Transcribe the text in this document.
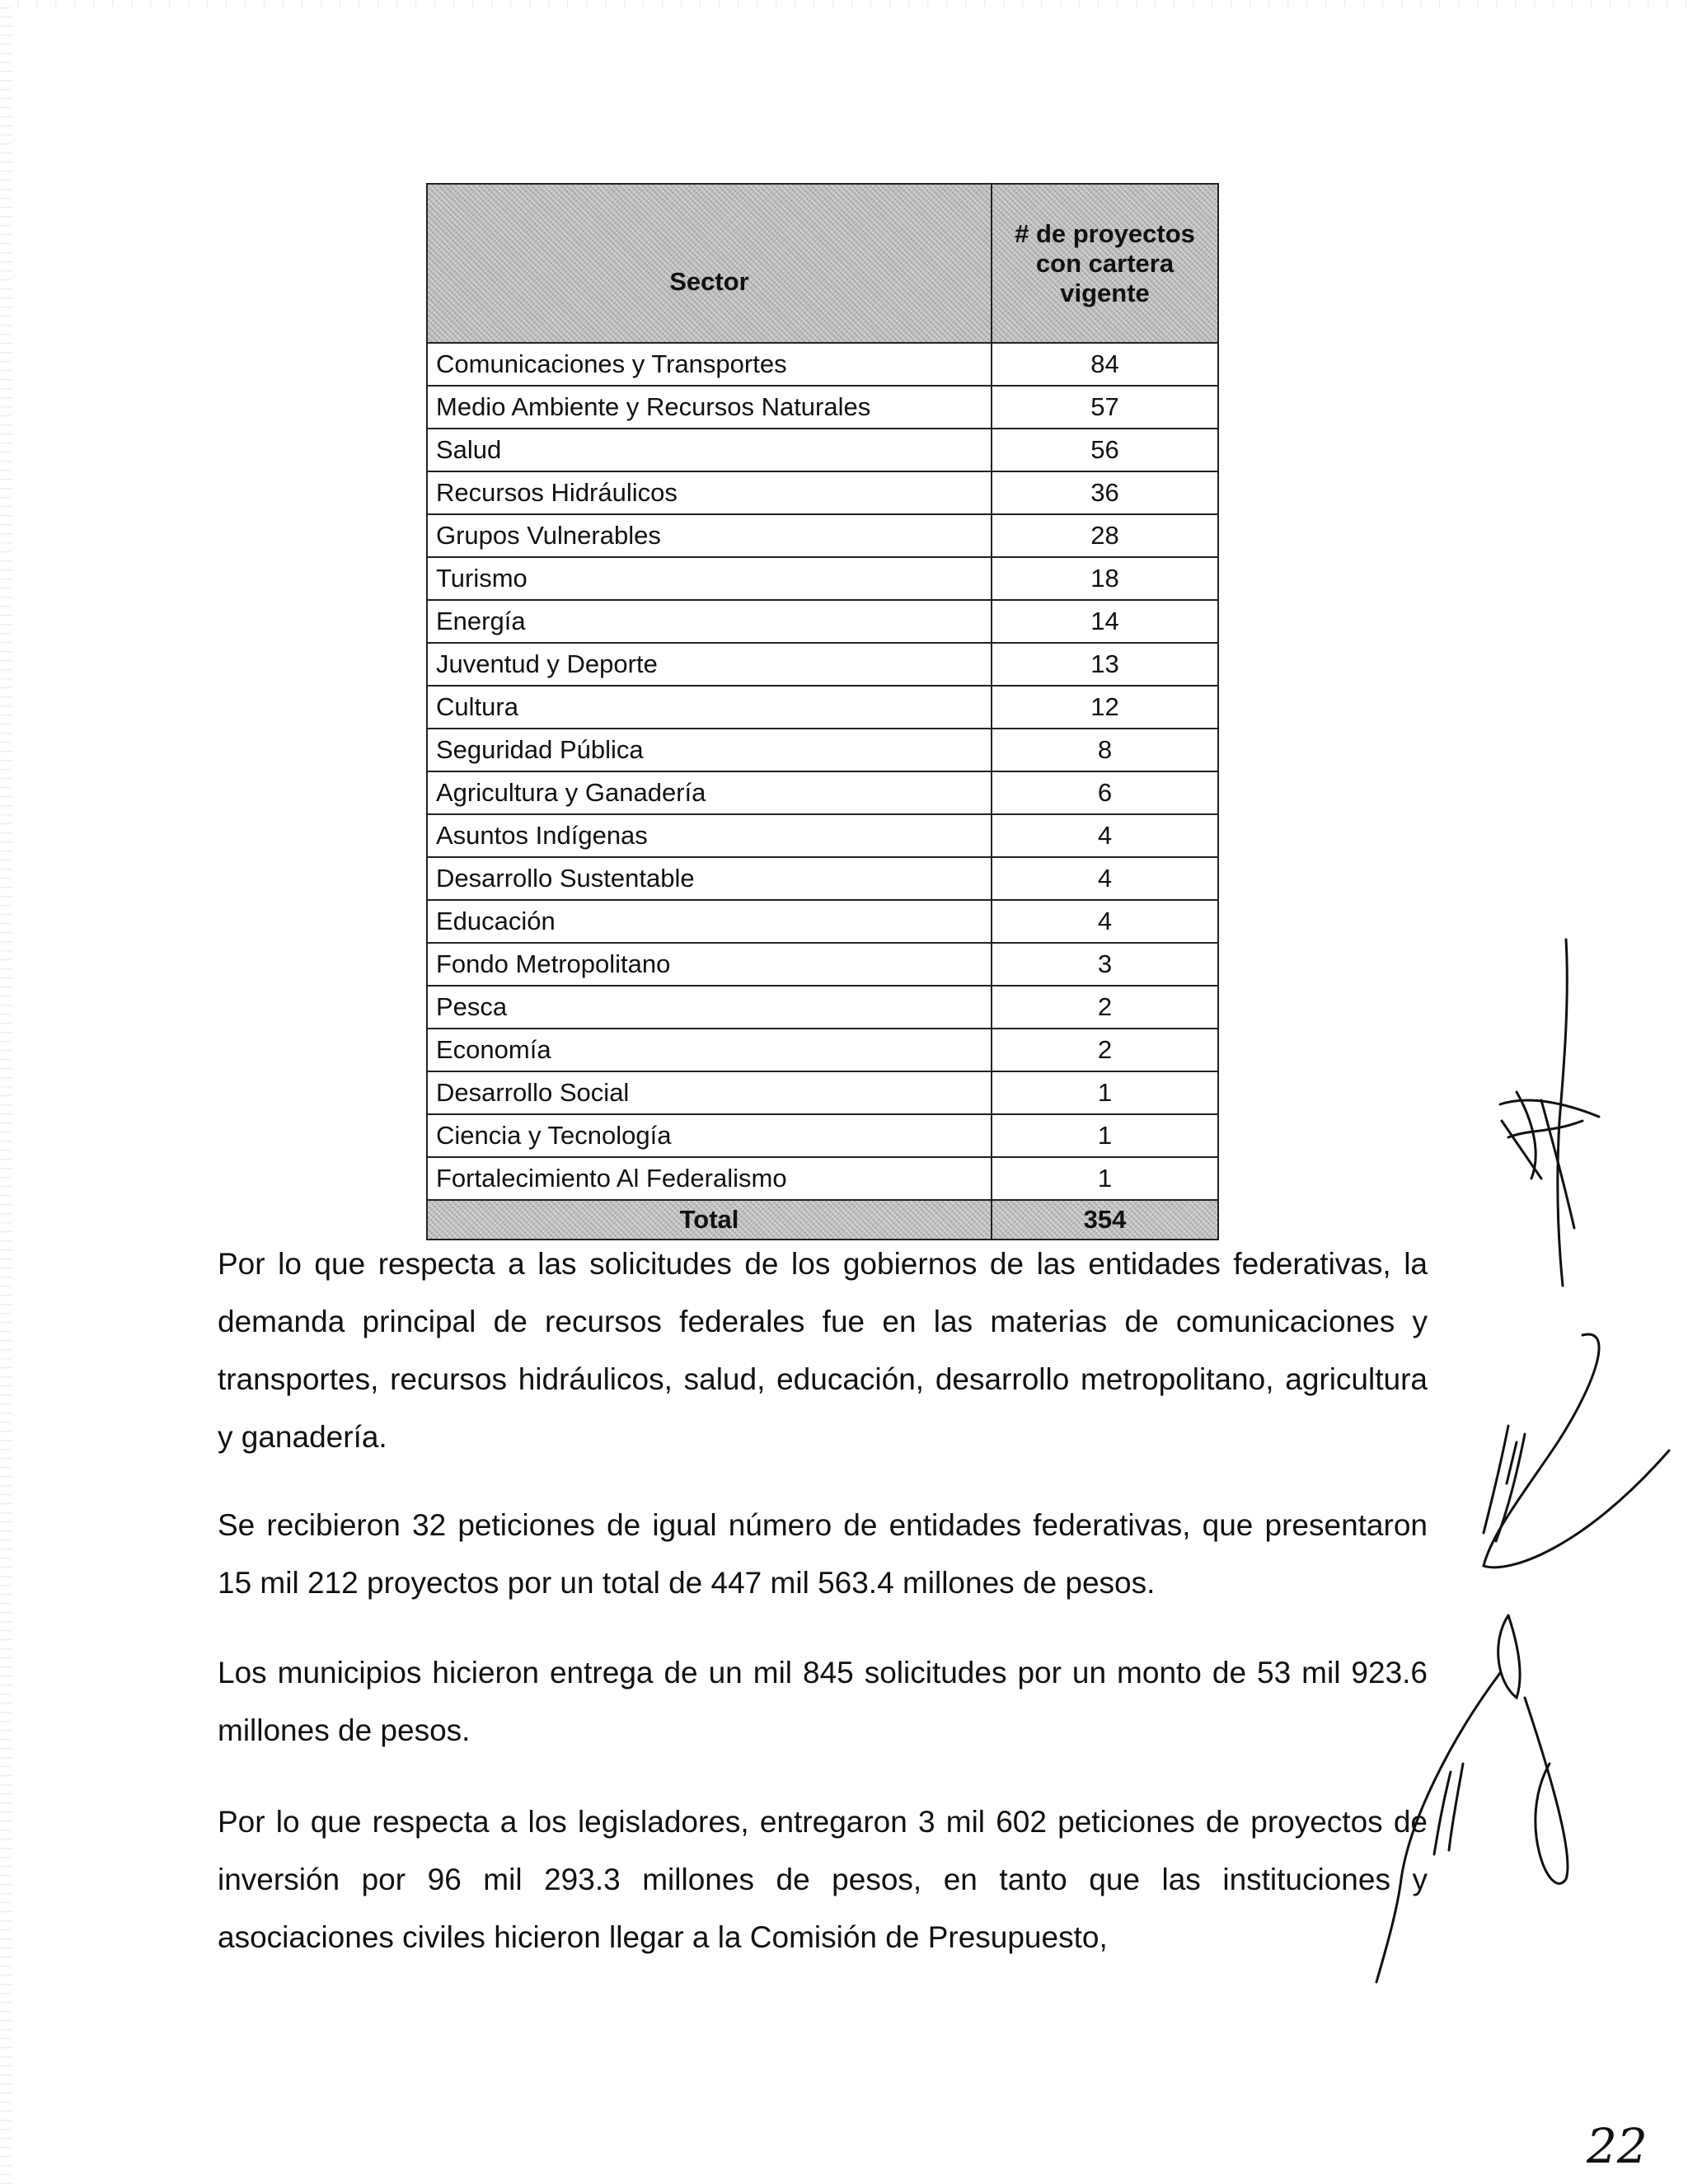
Sector	# de proyectos con cartera vigente
Comunicaciones y Transportes	84
Medio Ambiente y Recursos Naturales	57
Salud	56
Recursos Hidráulicos	36
Grupos Vulnerables	28
Turismo	18
Energía	14
Juventud y Deporte	13
Cultura	12
Seguridad Pública	8
Agricultura y Ganadería	6
Asuntos Indígenas	4
Desarrollo Sustentable	4
Educación	4
Fondo Metropolitano	3
Pesca	2
Economía	2
Desarrollo Social	1
Ciencia y Tecnología	1
Fortalecimiento Al Federalismo	1
Total	354

Por lo que respecta a las solicitudes de los gobiernos de las entidades federativas, la demanda principal de recursos federales fue en las materias de comunicaciones y transportes, recursos hidráulicos, salud, educación, desarrollo metropolitano, agricultura y ganadería.

Se recibieron 32 peticiones de igual número de entidades federativas, que presentaron 15 mil 212 proyectos por un total de 447 mil 563.4 millones de pesos.

Los municipios hicieron entrega de un mil 845 solicitudes por un monto de 53 mil 923.6 millones de pesos.

Por lo que respecta a los legisladores, entregaron 3 mil 602 peticiones de proyectos de inversión por 96 mil 293.3 millones de pesos, en tanto que las instituciones y asociaciones civiles hicieron llegar a la Comisión de Presupuesto,

22
